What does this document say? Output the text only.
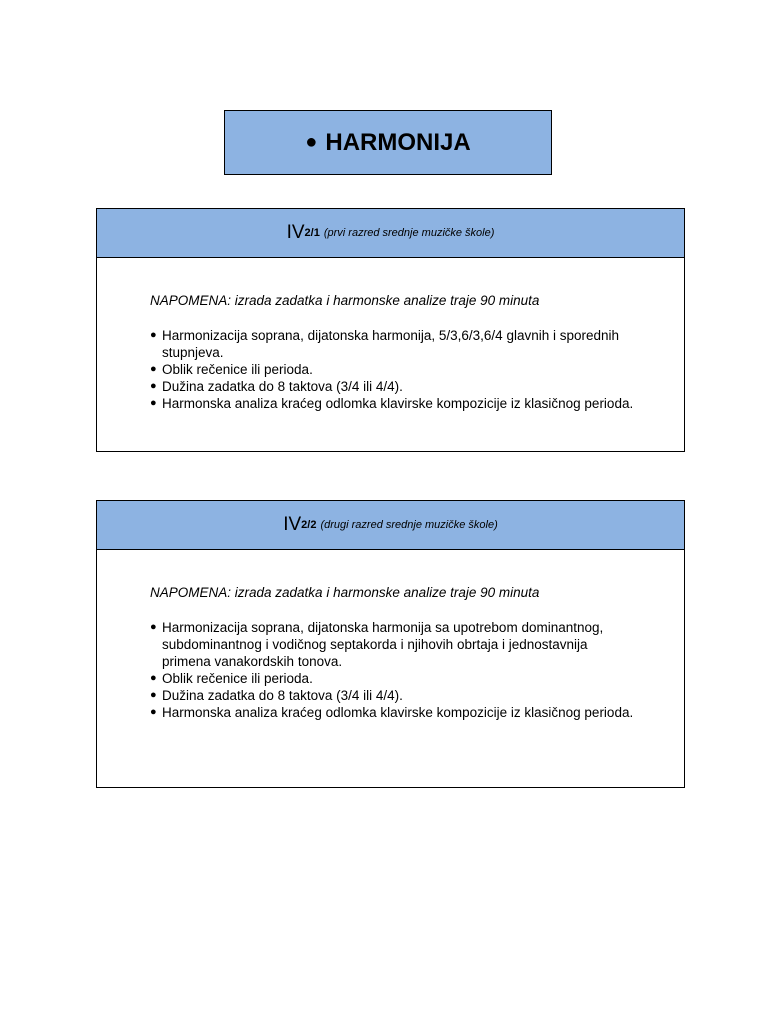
● HARMONIJA
IV 2/1 (prvi razred srednje muzičke škole)
NAPOMENA: izrada zadatka i harmonske analize traje 90 minuta
● Harmonizacija soprana, dijatonska harmonija, 5/3,6/3,6/4 glavnih i sporednih
stupnjeva.
● Oblik rečenice ili perioda.
● Dužina zadatka do 8 taktova (3/4 ili 4/4).
● Harmonska analiza kraćeg odlomka klavirske kompozicije iz klasičnog perioda.
IV 2/2 (drugi razred srednje muzičke škole)
NAPOMENA: izrada zadatka i harmonske analize traje 90 minuta
● Harmonizacija soprana, dijatonska harmonija sa upotrebom dominantnog,
subdominantnog i vodičnog septakorda i njihovih obrtaja i jednostavnija
primena vanakordskih tonova.
● Oblik rečenice ili perioda.
● Dužina zadatka do 8 taktova (3/4 ili 4/4).
● Harmonska analiza kraćeg odlomka klavirske kompozicije iz klasičnog perioda.
